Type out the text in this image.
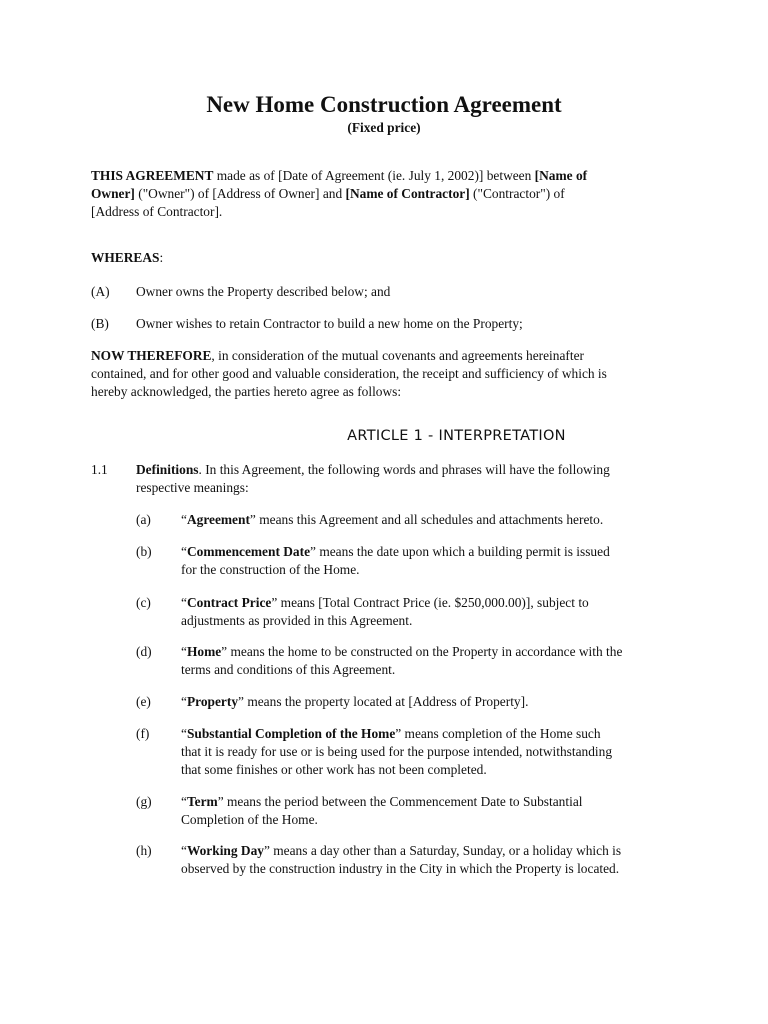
New Home Construction Agreement
(Fixed price)
THIS AGREEMENT made as of [Date of Agreement (ie. July 1, 2002)] between [Name of
Owner] ("Owner") of [Address of Owner] and [Name of Contractor] ("Contractor") of
[Address of Contractor].
WHEREAS:
(A) Owner owns the Property described below; and
(B) Owner wishes to retain Contractor to build a new home on the Property;
NOW THEREFORE, in consideration of the mutual covenants and agreements hereinafter
contained, and for other good and valuable consideration, the receipt and sufficiency of which is
hereby acknowledged, the parties hereto agree as follows:
ARTICLE 1 - INTERPRETATION
1.1 Definitions. In this Agreement, the following words and phrases will have the following
respective meanings:
(a) “Agreement” means this Agreement and all schedules and attachments hereto.
(b) “Commencement Date” means the date upon which a building permit is issued
for the construction of the Home.
(c) “Contract Price” means [Total Contract Price (ie. $250,000.00)], subject to
adjustments as provided in this Agreement.
(d) “Home” means the home to be constructed on the Property in accordance with the
terms and conditions of this Agreement.
(e) “Property” means the property located at [Address of Property].
(f) “Substantial Completion of the Home” means completion of the Home such
that it is ready for use or is being used for the purpose intended, notwithstanding
that some finishes or other work has not been completed.
(g) “Term” means the period between the Commencement Date to Substantial
Completion of the Home.
(h) “Working Day” means a day other than a Saturday, Sunday, or a holiday which is
observed by the construction industry in the City in which the Property is located.
